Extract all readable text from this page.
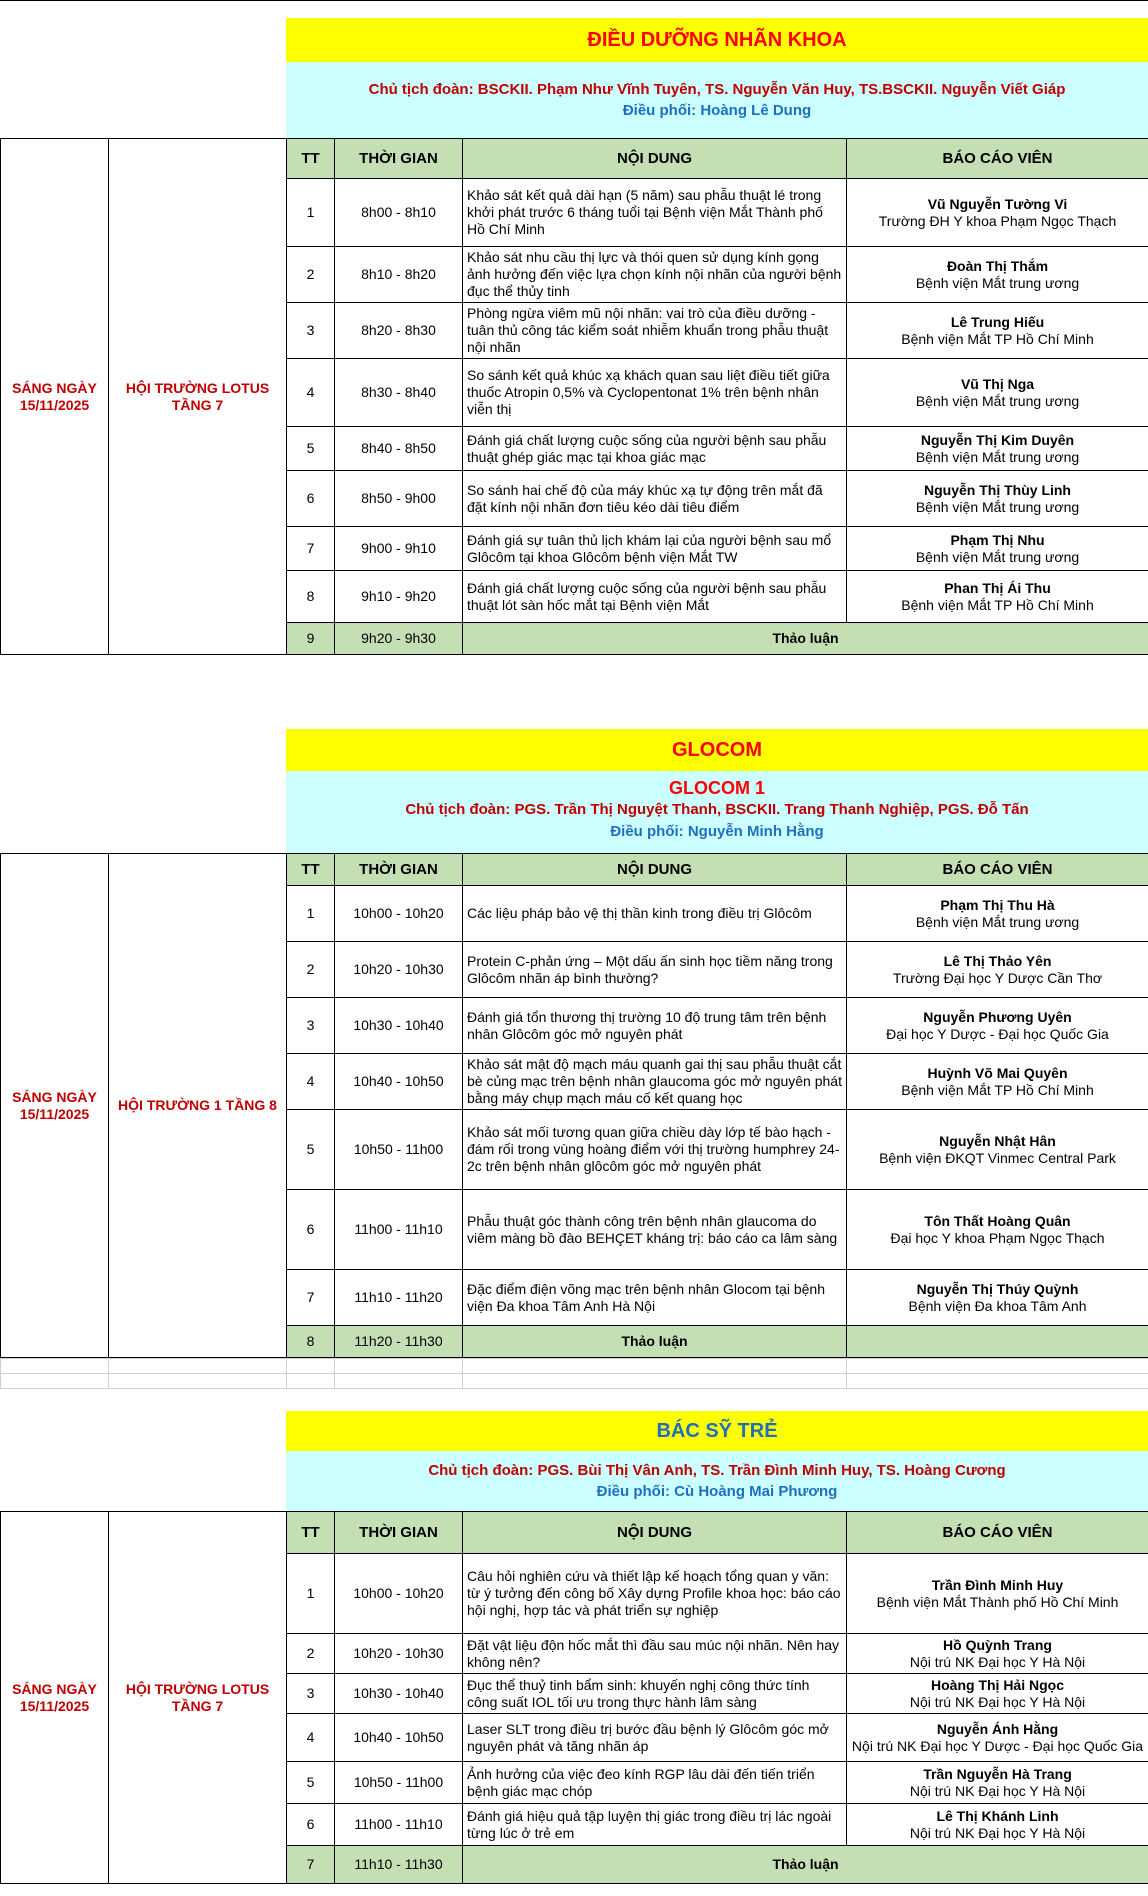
ĐIỀU DƯỠNG NHÃN KHOA
Chủ tịch đoàn: BSCKII. Phạm Như Vĩnh Tuyên, TS. Nguyễn Văn Huy, TS.BSCKII. Nguyễn Viết Giáp
Điều phối: Hoàng Lê Dung
SÁNG NGÀY 15/11/2025	HỘI TRƯỜNG LOTUS TẦNG 7	TT	THỜI GIAN	NỘI DUNG	BÁO CÁO VIÊN
		1	8h00 - 8h10	Khảo sát kết quả dài hạn (5 năm) sau phẫu thuật lé trong khởi phát trước 6 tháng tuổi tại Bệnh viện Mắt Thành phố Hồ Chí Minh	Vũ Nguyễn Tường Vi
Trường ĐH Y khoa Phạm Ngọc Thạch

		2	8h10 - 8h20	Khảo sát nhu cầu thị lực và thói quen sử dụng kính gọng ảnh hưởng đến việc lựa chọn kính nội nhãn của người bệnh đục thể thủy tinh	Đoàn Thị Thắm
Bệnh viện Mắt trung ương

		3	8h20 - 8h30	Phòng ngừa viêm mũ nội nhãn: vai trò của điều dưỡng - tuân thủ công tác kiểm soát nhiễm khuẩn trong phẫu thuật nội nhãn	Lê Trung Hiếu
Bệnh viện Mắt TP Hồ Chí Minh

		4	8h30 - 8h40	So sánh kết quả khúc xạ khách quan sau liệt điều tiết giữa thuốc Atropin 0,5% và Cyclopentonat 1% trên bệnh nhân viễn thị	Vũ Thị Nga
Bệnh viện Mắt trung ương

		5	8h40 - 8h50	Đánh giá chất lượng cuộc sống của người bệnh sau phẫu thuật ghép giác mạc tại khoa giác mạc	Nguyễn Thị Kim Duyên
Bệnh viện Mắt trung ương

		6	8h50 - 9h00	So sánh hai chế độ của máy khúc xạ tự động trên mắt đã đặt kính nội nhãn đơn tiêu kéo dài tiêu điểm	Nguyễn Thị Thùy Linh
Bệnh viện Mắt trung ương

		7	9h00 - 9h10	Đánh giá sự tuân thủ lịch khám lại của người bệnh sau mổ Glôcôm tại khoa Glôcôm bệnh viện Mắt TW	Phạm Thị Nhu
Bệnh viện Mắt trung ương

		8	9h10 - 9h20	Đánh giá chất lượng cuộc sống của người bệnh sau phẫu thuật lót sàn hốc mắt tại Bệnh viện Mắt	Phan Thị Ái Thu
Bệnh viện Mắt TP Hồ Chí Minh

		9	9h20 - 9h30	Thảo luận	
GLOCOM
GLOCOM 1
Chủ tịch đoàn: PGS. Trần Thị Nguyệt Thanh, BSCKII. Trang Thanh Nghiệp, PGS. Đỗ Tấn
Điều phối: Nguyễn Minh Hằng
SÁNG NGÀY 15/11/2025	HỘI TRƯỜNG 1 TẦNG 8	TT	THỜI GIAN	NỘI DUNG	BÁO CÁO VIÊN
		1	10h00 - 10h20	Các liệu pháp bảo vệ thị thần kinh trong điều trị Glôcôm	Phạm Thị Thu Hà
Bệnh viện Mắt trung ương

		2	10h20 - 10h30	Protein C-phản ứng – Một dấu ấn sinh học tiềm năng trong Glôcôm nhãn áp bình thường?	Lê Thị Thảo Yên
Trường Đại học Y Dược Cần Thơ

		3	10h30 - 10h40	Đánh giá tổn thương thị trường 10 độ trung tâm trên bệnh nhân Glôcôm góc mở nguyên phát	Nguyễn Phương Uyên
Đại học Y Dược - Đại học Quốc Gia

		4	10h40 - 10h50	Khảo sát mật độ mạch máu quanh gai thị sau phẫu thuật cắt bè củng mạc trên bệnh nhân glaucoma góc mở nguyên phát bằng máy chụp mạch máu cố kết quang học	Huỳnh Võ Mai Quyên
Bệnh viện Mắt TP Hồ Chí Minh

		5	10h50 - 11h00	Khảo sát mối tương quan giữa chiều dày lớp tế bào hạch - đám rối trong vùng hoàng điểm với thị trường humphrey 24-2c trên bệnh nhân glôcôm góc mở nguyên phát	Nguyễn Nhật Hân
Bệnh viện ĐKQT Vinmec Central Park

		6	11h00 - 11h10	Phẫu thuật góc thành công trên bệnh nhân glaucoma do viêm màng bồ đào BEHÇET kháng trị: báo cáo ca lâm sàng	Tôn Thất Hoàng Quân
Đại học Y khoa Phạm Ngọc Thạch

		7	11h10 - 11h20	Đặc điểm điện võng mạc trên bệnh nhân Glocom tại bệnh viện Đa khoa Tâm Anh Hà Nội	Nguyễn Thị Thúy Quỳnh
Bệnh viện Đa khoa Tâm Anh

		8	11h20 - 11h30	Thảo luận	

BÁC SỸ TRẺ
Chủ tịch đoàn: PGS. Bùi Thị Vân Anh, TS. Trần Đình Minh Huy, TS. Hoàng Cương
Điều phối: Cù Hoàng Mai Phương
SÁNG NGÀY 15/11/2025	HỘI TRƯỜNG LOTUS TẦNG 7	TT	THỜI GIAN	NỘI DUNG	BÁO CÁO VIÊN
		1	10h00 - 10h20	Câu hỏi nghiên cứu và thiết lập kế hoạch tổng quan y văn: từ ý tưởng đến công bố Xây dựng Profile khoa học: báo cáo hội nghị, hợp tác và phát triển sự nghiệp	Trần Đình Minh Huy
Bệnh viện Mắt Thành phố Hồ Chí Minh

		2	10h20 - 10h30	Đặt vật liệu độn hốc mắt thì đầu sau múc nội nhãn. Nên hay không nên?	Hồ Quỳnh Trang
Nội trú NK Đại học Y Hà Nội

		3	10h30 - 10h40	Đục thể thuỷ tinh bẩm sinh: khuyến nghị công thức tính công suất IOL tối ưu trong thực hành lâm sàng	Hoàng Thị Hải Ngọc
Nội trú NK Đại học Y Hà Nội

		4	10h40 - 10h50	Laser SLT trong điều trị bước đầu bệnh lý Glôcôm góc mở nguyên phát và tăng nhãn áp	Nguyễn Ánh Hằng
Nội trú NK Đại học Y Dược - Đại học Quốc Gia

		5	10h50 - 11h00	Ảnh hưởng của việc đeo kính RGP lâu dài đến tiến triển bệnh giác mạc chóp	Trần Nguyễn Hà Trang
Nội trú NK Đại học Y Hà Nội

		6	11h00 - 11h10	Đánh giá hiệu quả tập luyện thị giác trong điều trị lác ngoài từng lúc ở trẻ em	Lê Thị Khánh Linh
Nội trú NK Đại học Y Hà Nội

		7	11h10 - 11h30	Thảo luận	
